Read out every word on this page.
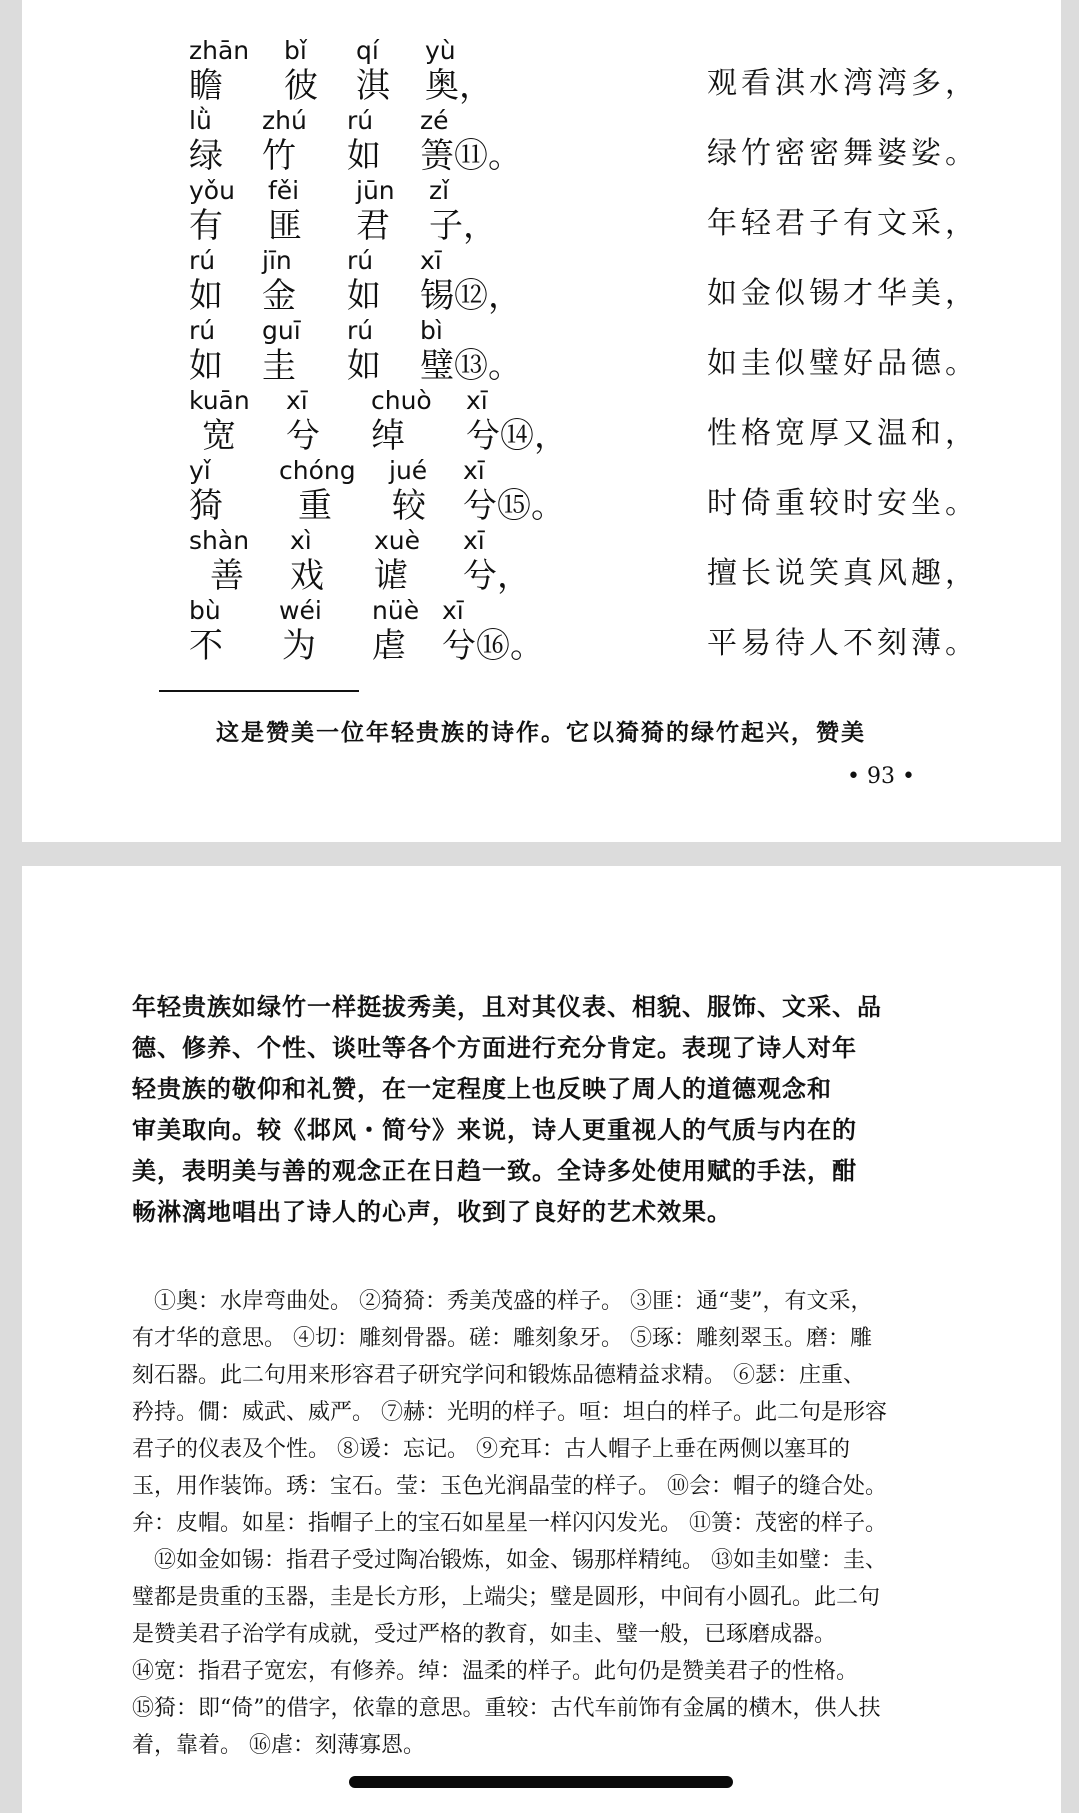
zhān bǐ qí yù
瞻 彼 淇 奥，	观看淇水湾湾多，
lǜ zhú rú zé
绿 竹 如 箦⑪。	绿竹密密舞婆娑。
yǒu fěi jūn zǐ
有 匪 君 子，	年轻君子有文采，
rú jīn rú xī
如 金 如 锡⑫，	如金似锡才华美，
rú guī rú bì
如 圭 如 璧⑬。	如圭似璧好品德。
kuān xī	chuò xī
宽 兮 绰 兮⑭，	性格宽厚又温和，
yǐ	chóng jué xī
猗 重 较 兮⑮。	时倚重较时安坐。
shàn xì xuè xī
善 戏 谑 兮，	擅长说笑真风趣，
bù wéi nüè xī
不 为 虐 兮⑯。	平易待人不刻薄。
这是赞美一位年轻贵族的诗作。它以猗猗的绿竹起兴，赞美
• 93 •

年轻贵族如绿竹一样挺拔秀美，且对其仪表、相貌、服饰、文采、品

德、修养、个性、谈吐等各个方面进行充分肯定。表现了诗人对年

轻贵族的敬仰和礼赞，在一定程度上也反映了周人的道德观念和

审美取向。较《邶风・简兮》来说，诗人更重视人的气质与内在的

美，表明美与善的观念正在日趋一致。全诗多处使用赋的手法，酣

畅淋漓地唱出了诗人的心声，收到了良好的艺术效果。

①奥：水岸弯曲处。 ②猗猗：秀美茂盛的样子。 ③匪：通“斐”，有文采，

有才华的意思。 ④切：雕刻骨器。磋：雕刻象牙。 ⑤琢：雕刻翠玉。磨：雕

刻石器。此二句用来形容君子研究学问和锻炼品德精益求精。 ⑥瑟：庄重、

矜持。僩：威武、威严。 ⑦赫：光明的样子。咺：坦白的样子。此二句是形容

君子的仪表及个性。 ⑧谖：忘记。 ⑨充耳：古人帽子上垂在两侧以塞耳的

玉，用作装饰。琇：宝石。莹：玉色光润晶莹的样子。 ⑩会：帽子的缝合处。

弁：皮帽。如星：指帽子上的宝石如星星一样闪闪发光。 ⑪箦：茂密的样子。

⑫如金如锡：指君子受过陶冶锻炼，如金、锡那样精纯。 ⑬如圭如璧：圭、

璧都是贵重的玉器，圭是长方形，上端尖；璧是圆形，中间有小圆孔。此二句

是赞美君子治学有成就，受过严格的教育，如圭、璧一般，已琢磨成器。

⑭宽：指君子宽宏，有修养。绰：温柔的样子。此句仍是赞美君子的性格。

⑮猗：即“倚”的借字，依靠的意思。重较：古代车前饰有金属的横木，供人扶

着，靠着。 ⑯虐：刻薄寡恩。
